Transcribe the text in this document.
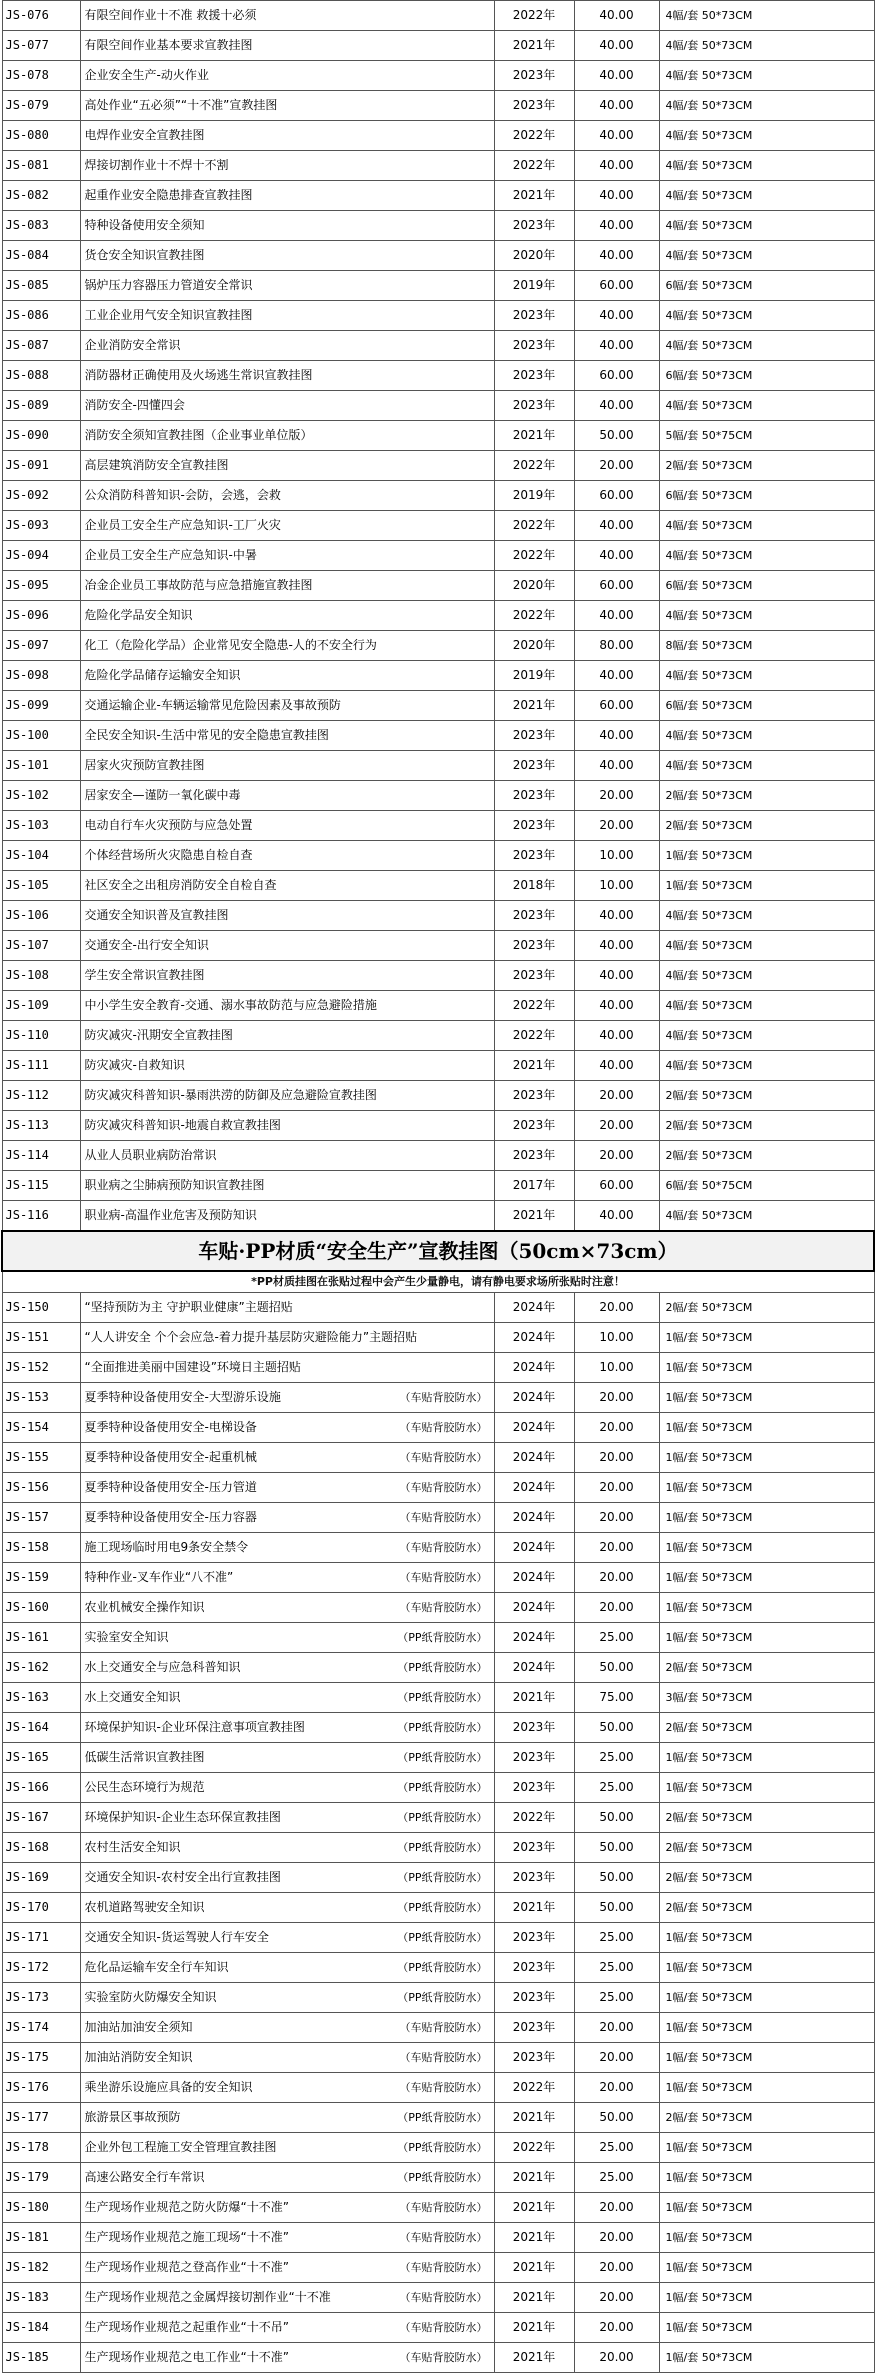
JS-076	有限空间作业十不准 救援十必须	2022年	40.00	4幅/套 50*73CM
JS-077	有限空间作业基本要求宣教挂图	2021年	40.00	4幅/套 50*73CM
JS-078	企业安全生产-动火作业	2023年	40.00	4幅/套 50*73CM
JS-079	高处作业“五必须”“十不准”宣教挂图	2023年	40.00	4幅/套 50*73CM
JS-080	电焊作业安全宣教挂图	2022年	40.00	4幅/套 50*73CM
JS-081	焊接切割作业十不焊十不割	2022年	40.00	4幅/套 50*73CM
JS-082	起重作业安全隐患排查宣教挂图	2021年	40.00	4幅/套 50*73CM
JS-083	特种设备使用安全须知	2023年	40.00	4幅/套 50*73CM
JS-084	货仓安全知识宣教挂图	2020年	40.00	4幅/套 50*73CM
JS-085	锅炉压力容器压力管道安全常识	2019年	60.00	6幅/套 50*73CM
JS-086	工业企业用气安全知识宣教挂图	2023年	40.00	4幅/套 50*73CM
JS-087	企业消防安全常识	2023年	40.00	4幅/套 50*73CM
JS-088	消防器材正确使用及火场逃生常识宣教挂图	2023年	60.00	6幅/套 50*73CM
JS-089	消防安全-四懂四会	2023年	40.00	4幅/套 50*73CM
JS-090	消防安全须知宣教挂图（企业事业单位版）	2021年	50.00	5幅/套 50*75CM
JS-091	高层建筑消防安全宣教挂图	2022年	20.00	2幅/套 50*73CM
JS-092	公众消防科普知识-会防，会逃，会救	2019年	60.00	6幅/套 50*73CM
JS-093	企业员工安全生产应急知识-工厂火灾	2022年	40.00	4幅/套 50*73CM
JS-094	企业员工安全生产应急知识-中暑	2022年	40.00	4幅/套 50*73CM
JS-095	冶金企业员工事故防范与应急措施宣教挂图	2020年	60.00	6幅/套 50*73CM
JS-096	危险化学品安全知识	2022年	40.00	4幅/套 50*73CM
JS-097	化工（危险化学品）企业常见安全隐患-人的不安全行为	2020年	80.00	8幅/套 50*73CM
JS-098	危险化学品储存运输安全知识	2019年	40.00	4幅/套 50*73CM
JS-099	交通运输企业-车辆运输常见危险因素及事故预防	2021年	60.00	6幅/套 50*73CM
JS-100	全民安全知识-生活中常见的安全隐患宣教挂图	2023年	40.00	4幅/套 50*73CM
JS-101	居家火灾预防宣教挂图	2023年	40.00	4幅/套 50*73CM
JS-102	居家安全—谨防一氧化碳中毒	2023年	20.00	2幅/套 50*73CM
JS-103	电动自行车火灾预防与应急处置	2023年	20.00	2幅/套 50*73CM
JS-104	个体经营场所火灾隐患自检自查	2023年	10.00	1幅/套 50*73CM
JS-105	社区安全之出租房消防安全自检自查	2018年	10.00	1幅/套 50*73CM
JS-106	交通安全知识普及宣教挂图	2023年	40.00	4幅/套 50*73CM
JS-107	交通安全-出行安全知识	2023年	40.00	4幅/套 50*73CM
JS-108	学生安全常识宣教挂图	2023年	40.00	4幅/套 50*73CM
JS-109	中小学生安全教育-交通、溺水事故防范与应急避险措施	2022年	40.00	4幅/套 50*73CM
JS-110	防灾减灾-汛期安全宣教挂图	2022年	40.00	4幅/套 50*73CM
JS-111	防灾减灾-自救知识	2021年	40.00	4幅/套 50*73CM
JS-112	防灾减灾科普知识-暴雨洪涝的防御及应急避险宣教挂图	2023年	20.00	2幅/套 50*73CM
JS-113	防灾减灾科普知识-地震自救宣教挂图	2023年	20.00	2幅/套 50*73CM
JS-114	从业人员职业病防治常识	2023年	20.00	2幅/套 50*73CM
JS-115	职业病之尘肺病预防知识宣教挂图	2017年	60.00	6幅/套 50*75CM
JS-116	职业病-高温作业危害及预防知识	2021年	40.00	4幅/套 50*73CM
车贴·PP材质“安全生产”宣教挂图（50cm×73cm）				
*PP材质挂图在张贴过程中会产生少量静电，请有静电要求场所张贴时注意！				
JS-150	“坚持预防为主 守护职业健康”主题招贴	2024年	20.00	2幅/套 50*73CM
JS-151	“人人讲安全 个个会应急-着力提升基层防灾避险能力”主题招贴	2024年	10.00	1幅/套 50*73CM
JS-152	“全面推进美丽中国建设”环境日主题招贴	2024年	10.00	1幅/套 50*73CM
JS-153	夏季特种设备使用安全-大型游乐设施 （车贴背胶防水）	2024年	20.00	1幅/套 50*73CM
JS-154	夏季特种设备使用安全-电梯设备 （车贴背胶防水）	2024年	20.00	1幅/套 50*73CM
JS-155	夏季特种设备使用安全-起重机械 （车贴背胶防水）	2024年	20.00	1幅/套 50*73CM
JS-156	夏季特种设备使用安全-压力管道 （车贴背胶防水）	2024年	20.00	1幅/套 50*73CM
JS-157	夏季特种设备使用安全-压力容器 （车贴背胶防水）	2024年	20.00	1幅/套 50*73CM
JS-158	施工现场临时用电9条安全禁令 （车贴背胶防水）	2024年	20.00	1幅/套 50*73CM
JS-159	特种作业-叉车作业“八不准” （车贴背胶防水）	2024年	20.00	1幅/套 50*73CM
JS-160	农业机械安全操作知识 （车贴背胶防水）	2024年	20.00	1幅/套 50*73CM
JS-161	实验室安全知识 （PP纸背胶防水）	2024年	25.00	1幅/套 50*73CM
JS-162	水上交通安全与应急科普知识 （PP纸背胶防水）	2024年	50.00	2幅/套 50*73CM
JS-163	水上交通安全知识 （PP纸背胶防水）	2021年	75.00	3幅/套 50*73CM
JS-164	环境保护知识-企业环保注意事项宣教挂图 （PP纸背胶防水）	2023年	50.00	2幅/套 50*73CM
JS-165	低碳生活常识宣教挂图 （PP纸背胶防水）	2023年	25.00	1幅/套 50*73CM
JS-166	公民生态环境行为规范 （PP纸背胶防水）	2023年	25.00	1幅/套 50*73CM
JS-167	环境保护知识-企业生态环保宣教挂图 （PP纸背胶防水）	2022年	50.00	2幅/套 50*73CM
JS-168	农村生活安全知识 （PP纸背胶防水）	2023年	50.00	2幅/套 50*73CM
JS-169	交通安全知识-农村安全出行宣教挂图 （PP纸背胶防水）	2023年	50.00	2幅/套 50*73CM
JS-170	农机道路驾驶安全知识 （PP纸背胶防水）	2021年	50.00	2幅/套 50*73CM
JS-171	交通安全知识-货运驾驶人行车安全 （PP纸背胶防水）	2023年	25.00	1幅/套 50*73CM
JS-172	危化品运输车安全行车知识 （PP纸背胶防水）	2023年	25.00	1幅/套 50*73CM
JS-173	实验室防火防爆安全知识 （PP纸背胶防水）	2023年	25.00	1幅/套 50*73CM
JS-174	加油站加油安全须知 （车贴背胶防水）	2023年	20.00	1幅/套 50*73CM
JS-175	加油站消防安全知识 （车贴背胶防水）	2023年	20.00	1幅/套 50*73CM
JS-176	乘坐游乐设施应具备的安全知识 （车贴背胶防水）	2022年	20.00	1幅/套 50*73CM
JS-177	旅游景区事故预防 （PP纸背胶防水）	2021年	50.00	2幅/套 50*73CM
JS-178	企业外包工程施工安全管理宣教挂图 （PP纸背胶防水）	2022年	25.00	1幅/套 50*73CM
JS-179	高速公路安全行车常识 （PP纸背胶防水）	2021年	25.00	1幅/套 50*73CM
JS-180	生产现场作业规范之防火防爆“十不准” （车贴背胶防水）	2021年	20.00	1幅/套 50*73CM
JS-181	生产现场作业规范之施工现场“十不准” （车贴背胶防水）	2021年	20.00	1幅/套 50*73CM
JS-182	生产现场作业规范之登高作业“十不准” （车贴背胶防水）	2021年	20.00	1幅/套 50*73CM
JS-183	生产现场作业规范之金属焊接切割作业“十不准 （车贴背胶防水）	2021年	20.00	1幅/套 50*73CM
JS-184	生产现场作业规范之起重作业“十不吊” （车贴背胶防水）	2021年	20.00	1幅/套 50*73CM
JS-185	生产现场作业规范之电工作业“十不准” （车贴背胶防水）	2021年	20.00	1幅/套 50*73CM
